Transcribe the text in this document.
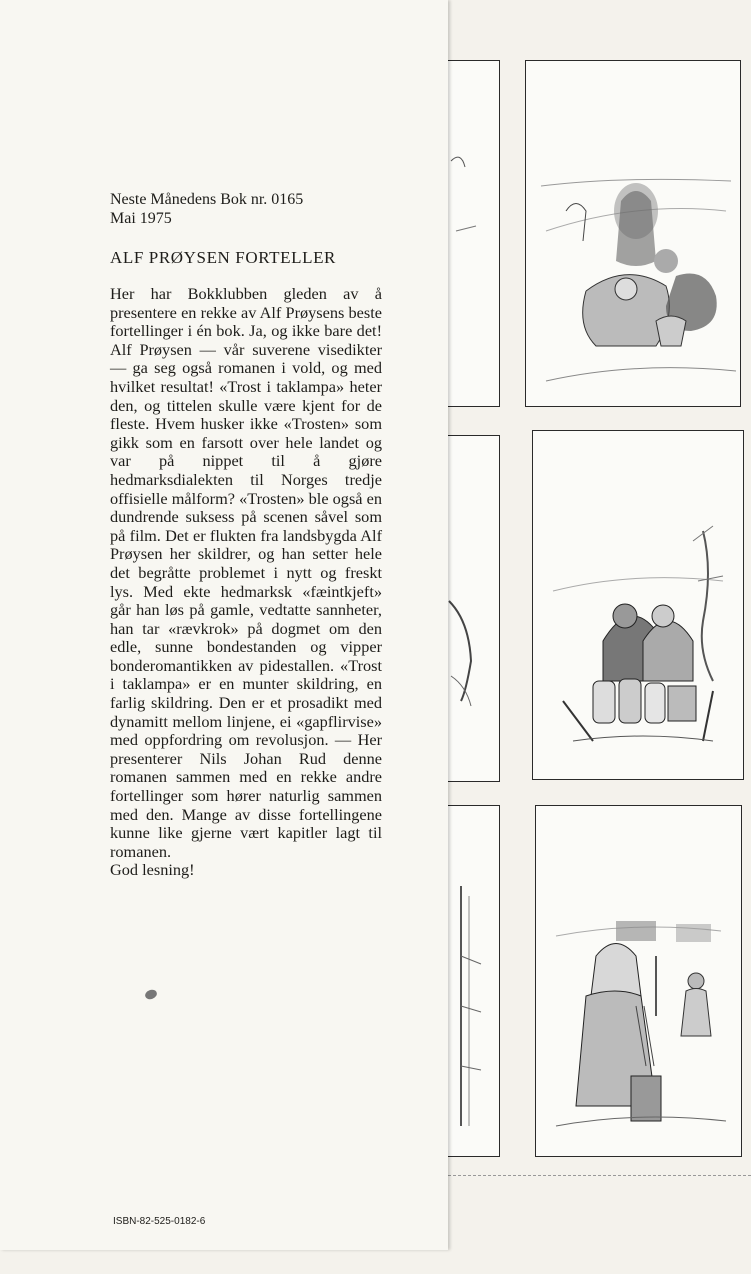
Neste Månedens Bok nr. 0165
Mai 1975
ALF PRØYSEN FORTELLER

Her har Bokklubben gleden av å presentere en rekke av Alf Prøysens beste fortellinger i én bok. Ja, og ikke bare det! Alf Prøysen — vår suverene visedikter — ga seg også romanen i vold, og med hvilket resultat! «Trost i taklampa» heter den, og tittelen skulle være kjent for de fleste. Hvem husker ikke «Trosten» som gikk som en farsott over hele landet og var på nippet til å gjøre hedmarksdialekten til Norges tredje offisielle målform? «Trosten» ble også en dundrende suksess på scenen såvel som på film. Det er flukten fra landsbygda Alf Prøysen her skildrer, og han setter hele det begråtte problemet i nytt og freskt lys. Med ekte hedmarksk «fæintkjeft» går han løs på gamle, vedtatte sannheter, han tar «rævkrok» på dogmet om den edle, sunne bondestanden og vipper bonderomantikken av pidestallen. «Trost i taklampa» er en munter skildring, en farlig skildring. Den er et prosadikt med dynamitt mellom linjene, ei «gapflirvise» med oppfordring om revolusjon. — Her presenterer Nils Johan Rud denne romanen sammen med en rekke andre fortellinger som hører naturlig sammen med den. Mange av disse fortellingene kunne like gjerne vært kapitler lagt til romanen.

God lesning!

ISBN-82-525-0182-6
